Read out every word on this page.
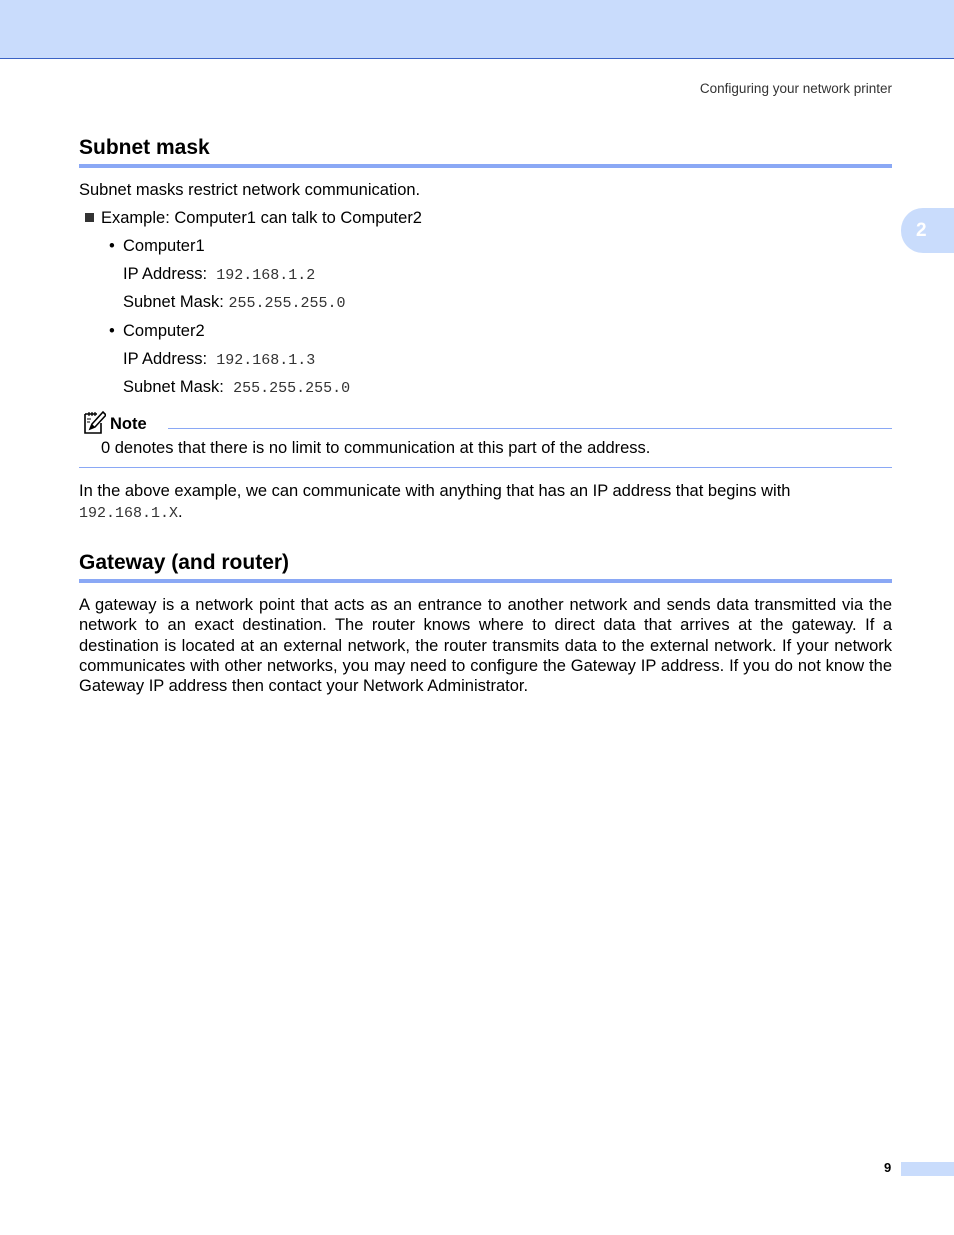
Configuring your network printer
2
Subnet mask
Subnet masks restrict network communication.
Example: Computer1 can talk to Computer2
• Computer1
IP Address: 192.168.1.2
Subnet Mask: 255.255.255.0
• Computer2
IP Address: 192.168.1.3
Subnet Mask: 255.255.255.0
Note
0 denotes that there is no limit to communication at this part of the address.
In the above example, we can communicate with anything that has an IP address that begins with
192.168.1.X.
Gateway (and router)
A gateway is a network point that acts as an entrance to another network and sends data transmitted via the network to an exact destination. The router knows where to direct data that arrives at the gateway. If a destination is located at an external network, the router transmits data to the external network. If your network communicates with other networks, you may need to configure the Gateway IP address. If you do not know the Gateway IP address then contact your Network Administrator.
9
